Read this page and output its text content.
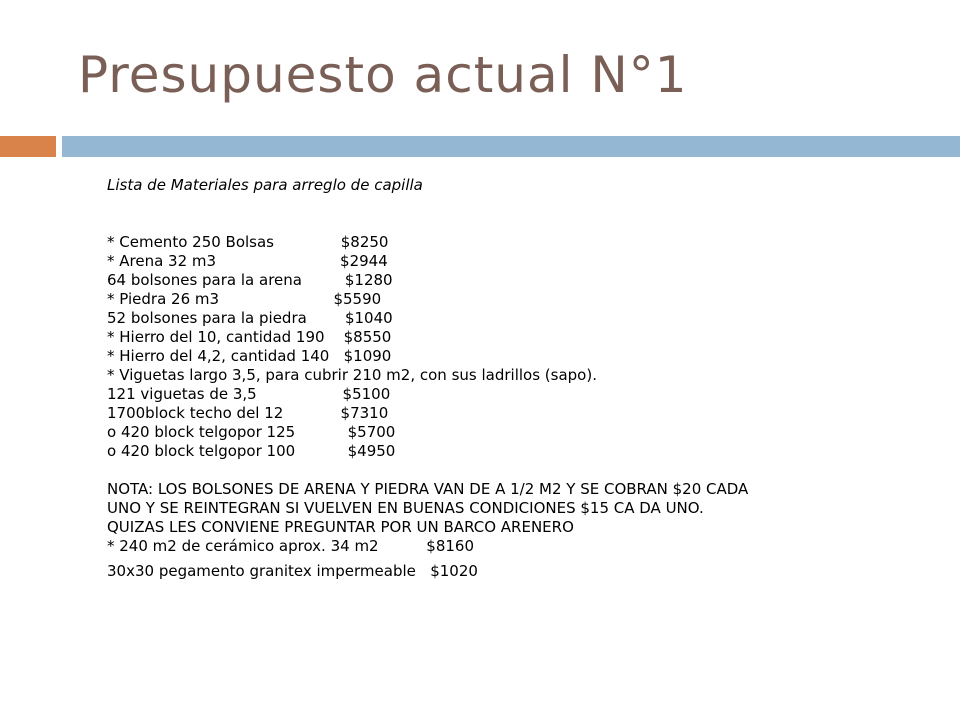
Presupuesto actual N°1
Lista de Materiales para arreglo de capilla
* Cemento 250 Bolsas              $8250
* Arena 32 m3                          $2944
64 bolsones para la arena         $1280
* Piedra 26 m3                        $5590
52 bolsones para la piedra        $1040
* Hierro del 10, cantidad 190    $8550
* Hierro del 4,2, cantidad 140   $1090
* Viguetas largo 3,5, para cubrir 210 m2, con sus ladrillos (sapo).
121 viguetas de 3,5                  $5100
1700block techo del 12            $7310
o 420 block telgopor 125           $5700
o 420 block telgopor 100           $4950
NOTA: LOS BOLSONES DE ARENA Y PIEDRA VAN DE A 1/2 M2 Y SE COBRAN $20 CADA
UNO Y SE REINTEGRAN SI VUELVEN EN BUENAS CONDICIONES $15 CA DA UNO.
QUIZAS LES CONVIENE PREGUNTAR POR UN BARCO ARENERO
* 240 m2 de cerámico aprox. 34 m2          $8160
30x30 pegamento granitex impermeable   $1020
